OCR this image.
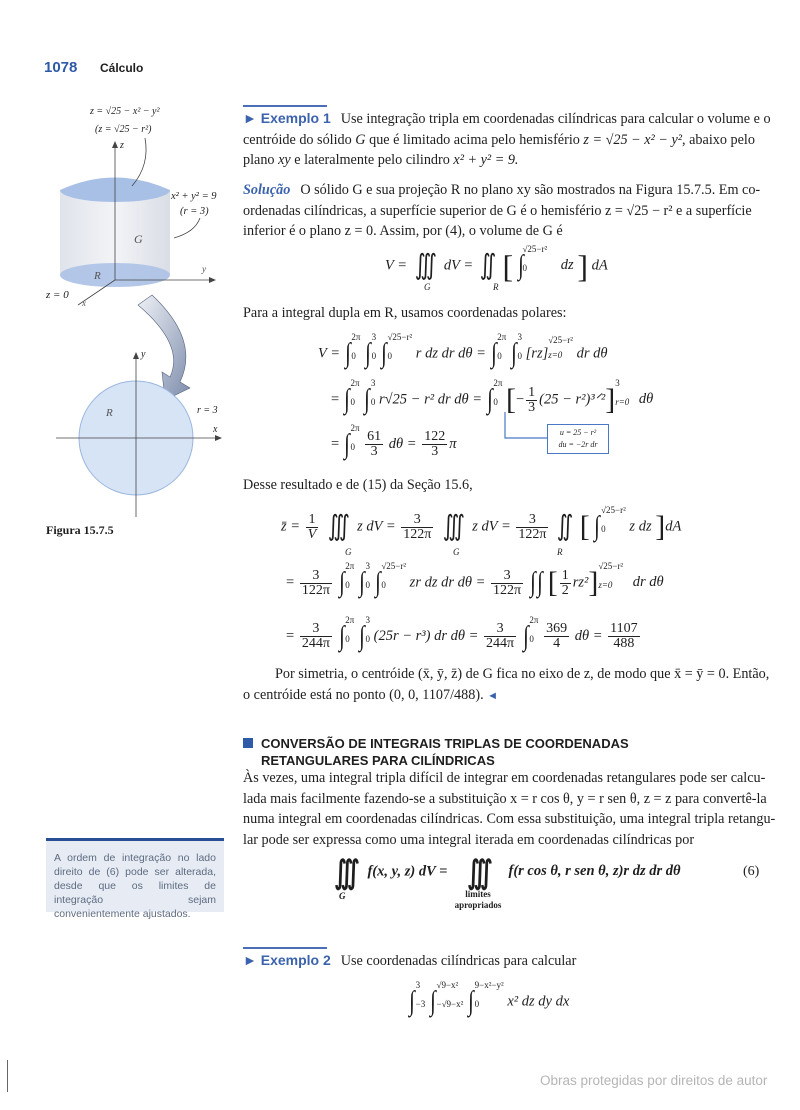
1078 Cálculo
z = √25 − x² − y²
(z = √25 − r²)
z
x² + y² = 9
(r = 3)
G
R
y
x
z = 0
y
R	r = 3
x
Figura 15.7.5
► Exemplo 1 Use integração tripla em coordenadas cilíndricas para calcular o volume e o
centróide do sólido G que é limitado acima pelo hemisfério z = √25 − x² − y², abaixo pelo
plano xy e lateralmente pelo cilindro x² + y² = 9.
Solução O sólido G e sua projeção R no plano xy são mostrados na Figura 15.7.5. Em co-
ordenadas cilíndricas, a superfície superior de G é o hemisfério z = √25 − r² e a superfície
inferior é o plano z = 0. Assim, por (4), o volume de G é
V = ∭ dV = ∬ [ ∫
√25−r²
0	dz ] dA
G	R
Para a integral dupla em R, usamos coordenadas polares:
V = ∫
2π
0 ∫
3
0 ∫
√25−r²
0	r dz dr dθ = ∫
2π
0 ∫
3
0 [rz]
√25−r²
z=0 dr dθ
= ∫
2π
0 ∫
3
0 r√25 − r² dr dθ = ∫
2π
0 [− $\frac{1}{3} (25$ − r²)³ᐟ²] 3
r=0 dθ
u = 25 − r²
du = −2r dr
= ∫
2π
0
$\frac{61}{3}$ $d\theta = \frac{122}{3}$ π
Desse resultado e de (15) da Seção 15.6,
z̄ = $\frac{1}{V}$ ∭ z dV = $\frac{3}{122\pi}$ ∭ z dV = $\frac{3}{122\pi}$ ∬ [ ∫
√25−r²
0	z dz ]dA
G	G	R
= $\frac{3}{122\pi}$ ∫
2π
0 ∫
3
0 ∫
√25−r²
0	zr dz dr $d\theta = \frac{3}{122\pi}$ ∫∫ [ $\frac{1}{2} rz^2$] √25−r²
z=0	dr dθ
= $\frac{3}{244\pi}$ ∫
2π
0 ∫
3
0 (25r − r³) dr $d\theta = \frac{3}{244\pi}$ ∫
2π
0
$\frac{369}{4}$ $d\theta = \frac{1107}{488}$
Por simetria, o centróide (x̄, ȳ, z̄) de G fica no eixo de z, de modo que x̄ = ȳ = 0. Então,
o centróide está no ponto (0, 0, 1107/488). ◄
CONVERSÃO DE INTEGRAIS TRIPLAS DE COORDENADAS
RETANGULARES PARA CILÍNDRICAS
Às vezes, uma integral tripla difícil de integrar em coordenadas retangulares pode ser calcu-
lada mais facilmente fazendo-se a substituição x = r cos θ, y = r sen θ, z = z para convertê-la
numa integral em coordenadas cilíndricas. Com essa substituição, uma integral tripla retangu-
lar pode ser expressa como uma integral iterada em coordenadas cilíndricas por
∭ f(x, y, z) dV = ∭ f(r cos θ, r sen θ, z)r dz dr dθ
G	limites
apropriados
(6)
A ordem de integração no lado direito de (6) pode ser alterada, desde que os limites de integração sejam convenientemente ajustados.
► Exemplo 2 Use coordenadas cilíndricas para calcular
∫
3
−3 ∫
√9−x²
−√9−x² ∫
9−x²−y²
0	x² dz dy dx
Obras protegidas por direitos de autor
